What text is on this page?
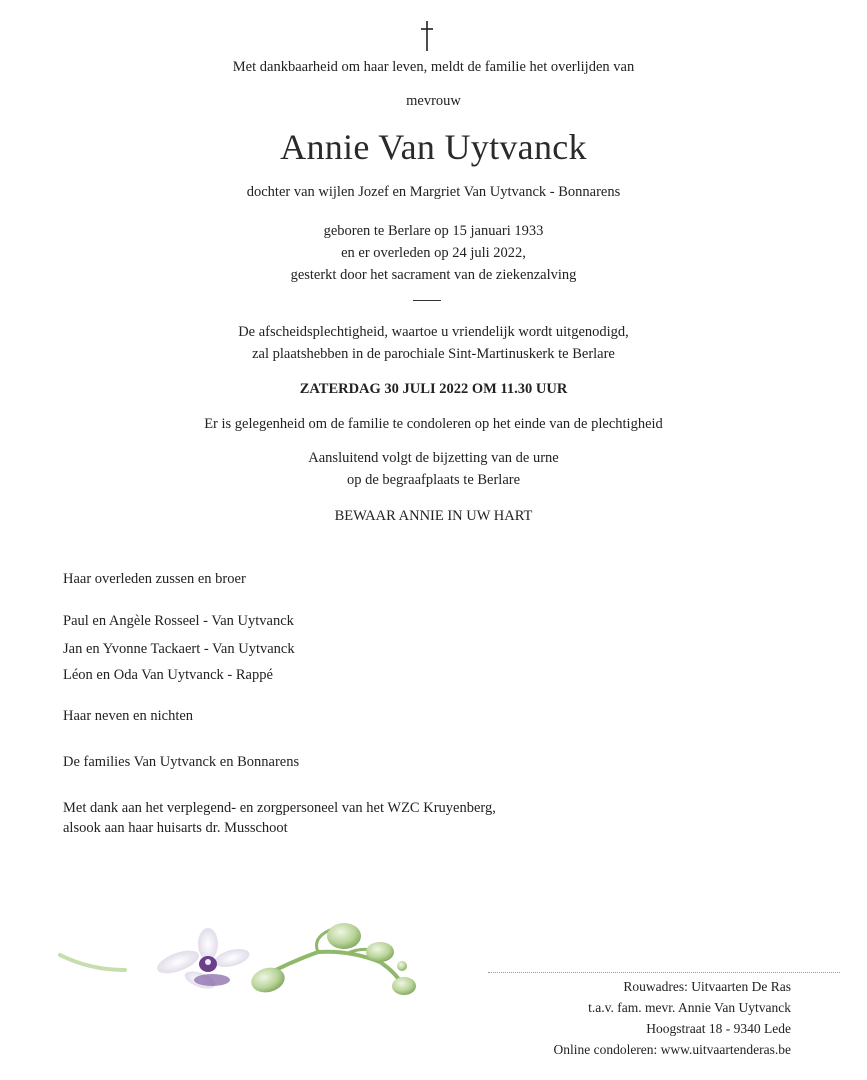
Met dankbaarheid om haar leven, meldt de familie het overlijden van
mevrouw
Annie Van Uytvanck
dochter van wijlen Jozef en Margriet Van Uytvanck - Bonnarens
geboren te Berlare op 15 januari 1933
en er overleden op 24 juli 2022,
gesterkt door het sacrament van de ziekenzalving
De afscheidsplechtigheid, waartoe u vriendelijk wordt uitgenodigd,
zal plaatshebben in de parochiale Sint-Martinuskerk te Berlare
ZATERDAG 30 JULI 2022 OM 11.30 UUR
Er is gelegenheid om de familie te condoleren op het einde van de plechtigheid
Aansluitend volgt de bijzetting van de urne
op de begraafplaats te Berlare
BEWAAR ANNIE IN UW HART
Haar overleden zussen en broer
Paul en Angèle Rosseel - Van Uytvanck
Jan en Yvonne Tackaert - Van Uytvanck
Léon en Oda Van Uytvanck - Rappé
Haar neven en nichten
De families Van Uytvanck en Bonnarens
Met dank aan het verplegend- en zorgpersoneel van het WZC Kruyenberg,
alsook aan haar huisarts dr. Musschoot
Rouwadres: Uitvaarten De Ras
t.a.v. fam. mevr. Annie Van Uytvanck
Hoogstraat 18 - 9340 Lede
Online condoleren: www.uitvaartenderas.be
